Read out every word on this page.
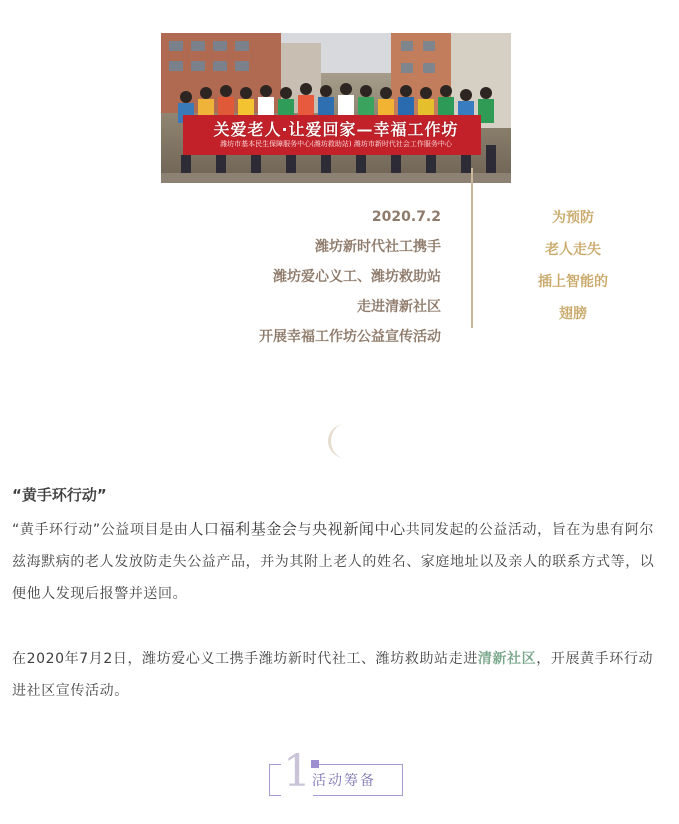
关爱老人·让爱回家—幸福工作坊
潍坊市基本民生保障服务中心(潍坊救助站) 潍坊市新时代社会工作服务中心
2020.7.2
潍坊新时代社工携手
潍坊爱心义工、潍坊救助站
走进清新社区
开展幸福工作坊公益宣传活动
为预防
老人走失
插上智能的
翅膀
“黄手环行动”
“黄手环行动”公益项目是由人口福利基金会与央视新闻中心共同发起的公益活动，旨在为患有阿尔兹海默病的老人发放防走失公益产品，并为其附上老人的姓名、家庭地址以及亲人的联系方式等，以便他人发现后报警并送回。
在2020年7月2日，潍坊爱心义工携手潍坊新时代社工、潍坊救助站走进清新社区，开展黄手环行动进社区宣传活动。
1 活动筹备
